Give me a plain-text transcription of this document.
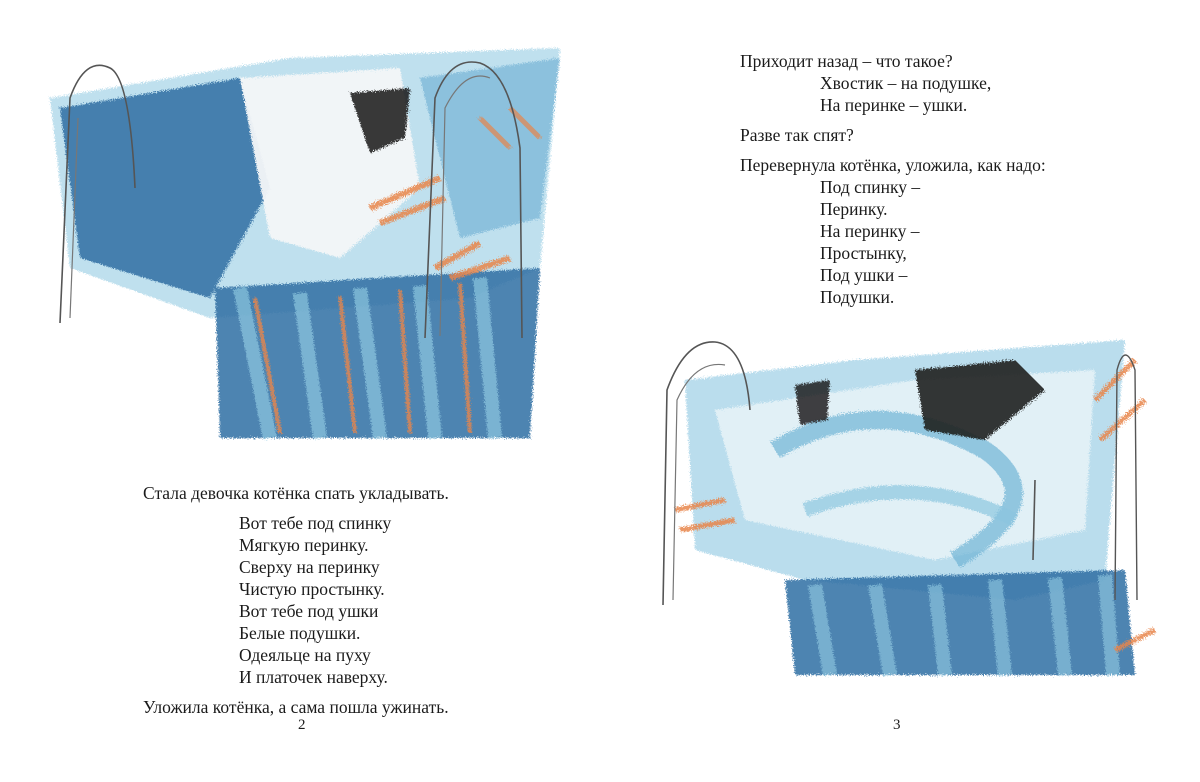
Стала девочка котёнка спать укладывать.
Вот тебе под спинку
Мягкую перинку.
Сверху на перинку
Чистую простынку.
Вот тебе под ушки
Белые подушки.
Одеяльце на пуху
И платочек наверху.
Уложила котёнка, а сама пошла ужинать.
2
Приходит назад – что такое?
Хвостик – на подушке,
На перинке – ушки.
Разве так спят?
Перевернула котёнка, уложила, как надо:
Под спинку –
Перинку.
На перинку –
Простынку,
Под ушки –
Подушки.
3
